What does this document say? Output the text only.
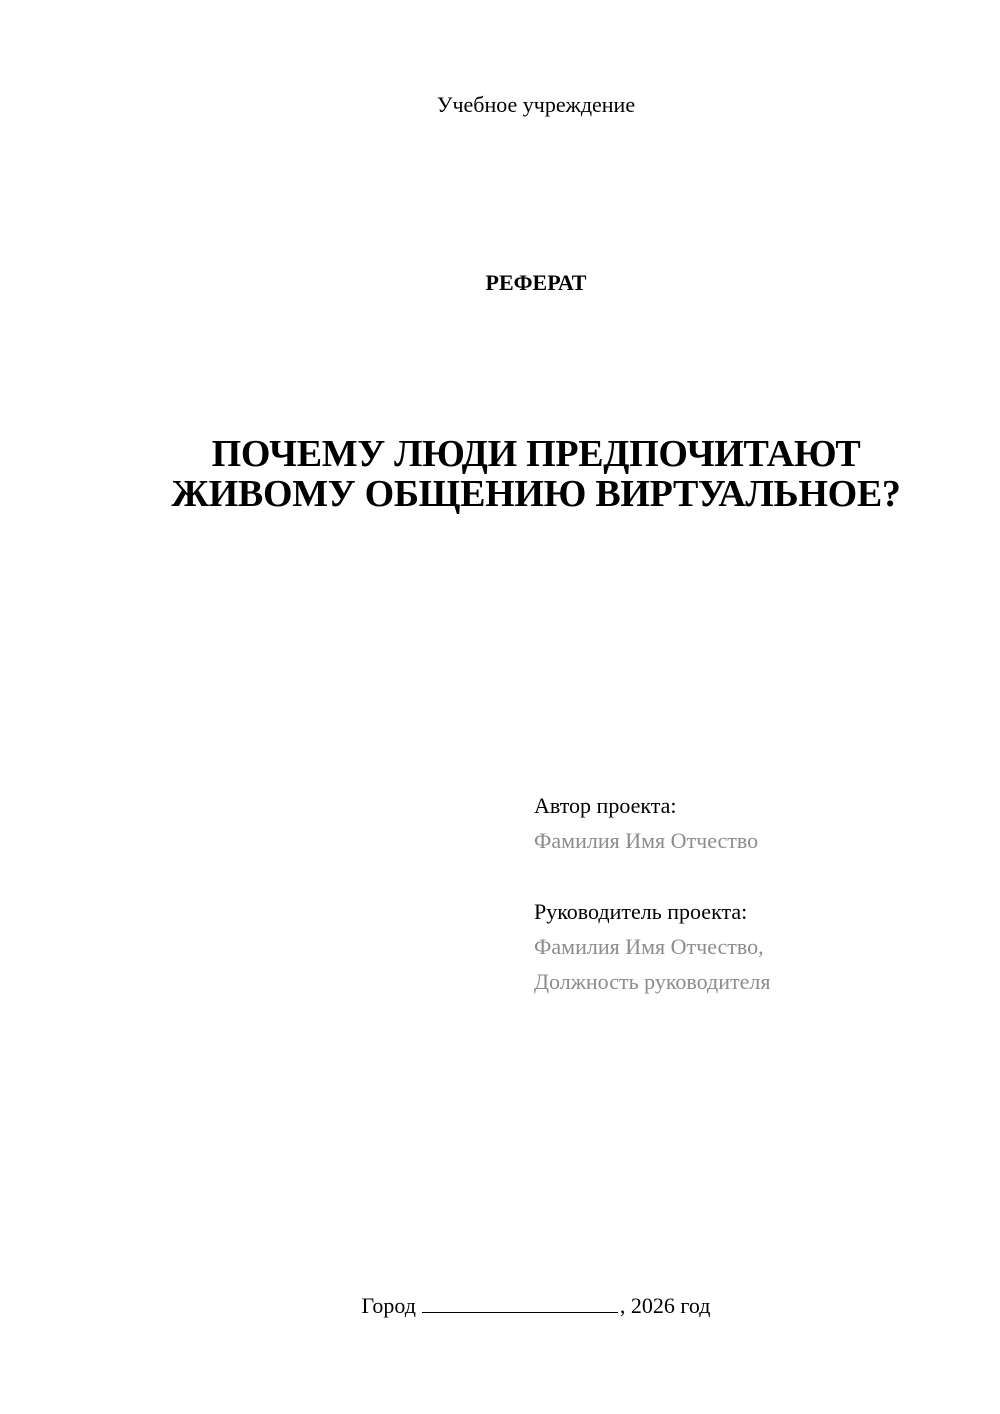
Учебное учреждение
РЕФЕРАТ
ПОЧЕМУ ЛЮДИ ПРЕДПОЧИТАЮТ
ЖИВОМУ ОБЩЕНИЮ ВИРТУАЛЬНОЕ?
Автор проекта:
Фамилия Имя Отчество
Руководитель проекта:
Фамилия Имя Отчество,
Должность руководителя
Город	, 2026 год
